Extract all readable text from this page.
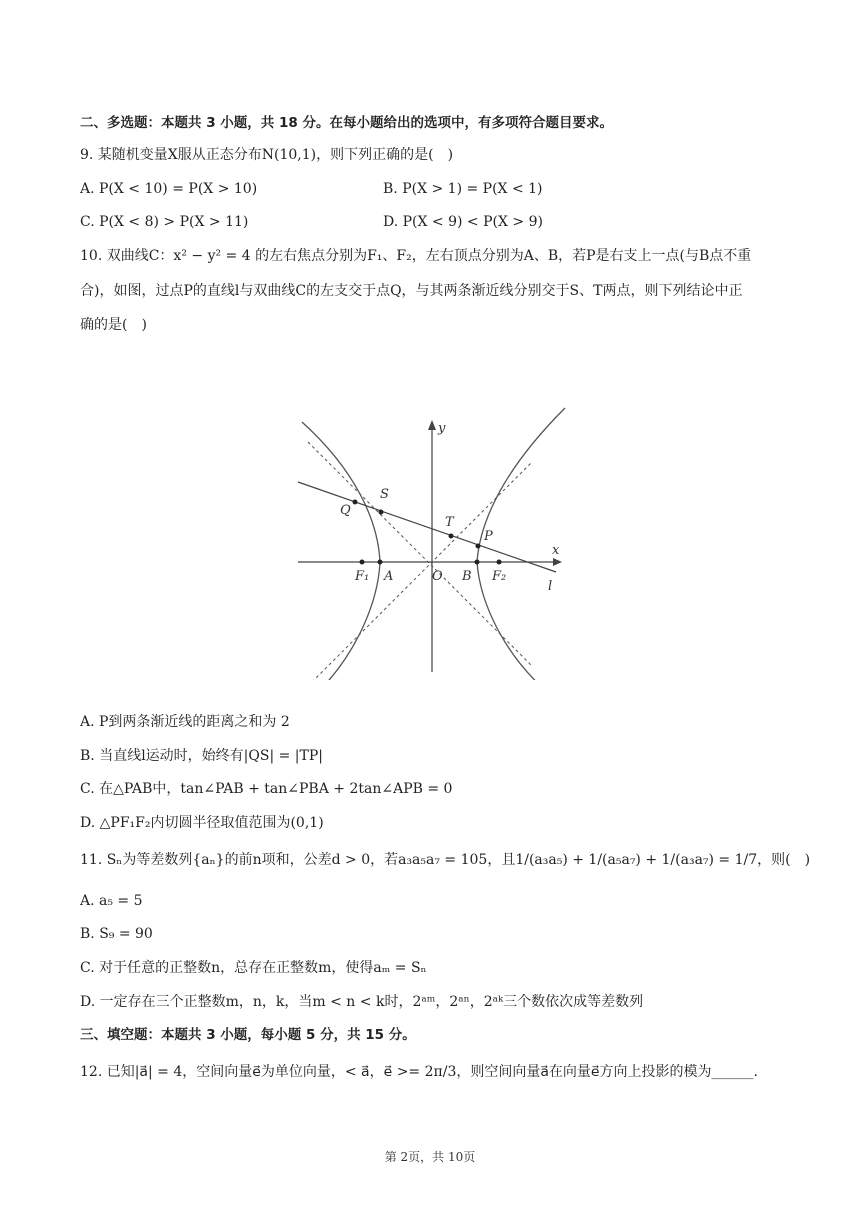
二、多选题：本题共 3 小题，共 18 分。在每小题给出的选项中，有多项符合题目要求。
9. 某随机变量X服从正态分布N(10,1)，则下列正确的是(　)
A. P(X < 10) = P(X > 10)	B. P(X > 1) = P(X < 1)
C. P(X < 8) > P(X > 11)	D. P(X < 9) < P(X > 9)
10. 双曲线C：x² − y² = 4 的左右焦点分别为F₁、F₂，左右顶点分别为A、B，若P是右支上一点(与B点不重
合)，如图，过点P的直线l与双曲线C的左支交于点Q，与其两条渐近线分别交于S、T两点，则下列结论中正
确的是(　)
y
x
S
Q
T
P
F₁ A	O B F₂
l
A. P到两条渐近线的距离之和为 2
B. 当直线l运动时，始终有|QS| = |TP|
C. 在△PAB中，tan∠PAB + tan∠PBA + 2tan∠APB = 0
D. △PF₁F₂内切圆半径取值范围为(0,1)
11. Sₙ为等差数列{aₙ}的前n项和，公差d > 0，若a₃a₅a₇ = 105，且1/(a₃a₅) + 1/(a₅a₇) + 1/(a₃a₇) = 1/7，则(　)
A. a₅ = 5
B. S₉ = 90
C. 对于任意的正整数n，总存在正整数m，使得aₘ = Sₙ
D. 一定存在三个正整数m，n，k，当m < n < k时，2ᵃᵐ，2ᵃⁿ，2ᵃᵏ三个数依次成等差数列
三、填空题：本题共 3 小题，每小题 5 分，共 15 分。
12. 已知|a⃗| = 4，空间向量e⃗为单位向量，< a⃗，e⃗ >= 2π/3，则空间向量a⃗在向量e⃗方向上投影的模为______.
第 2页，共 10页
